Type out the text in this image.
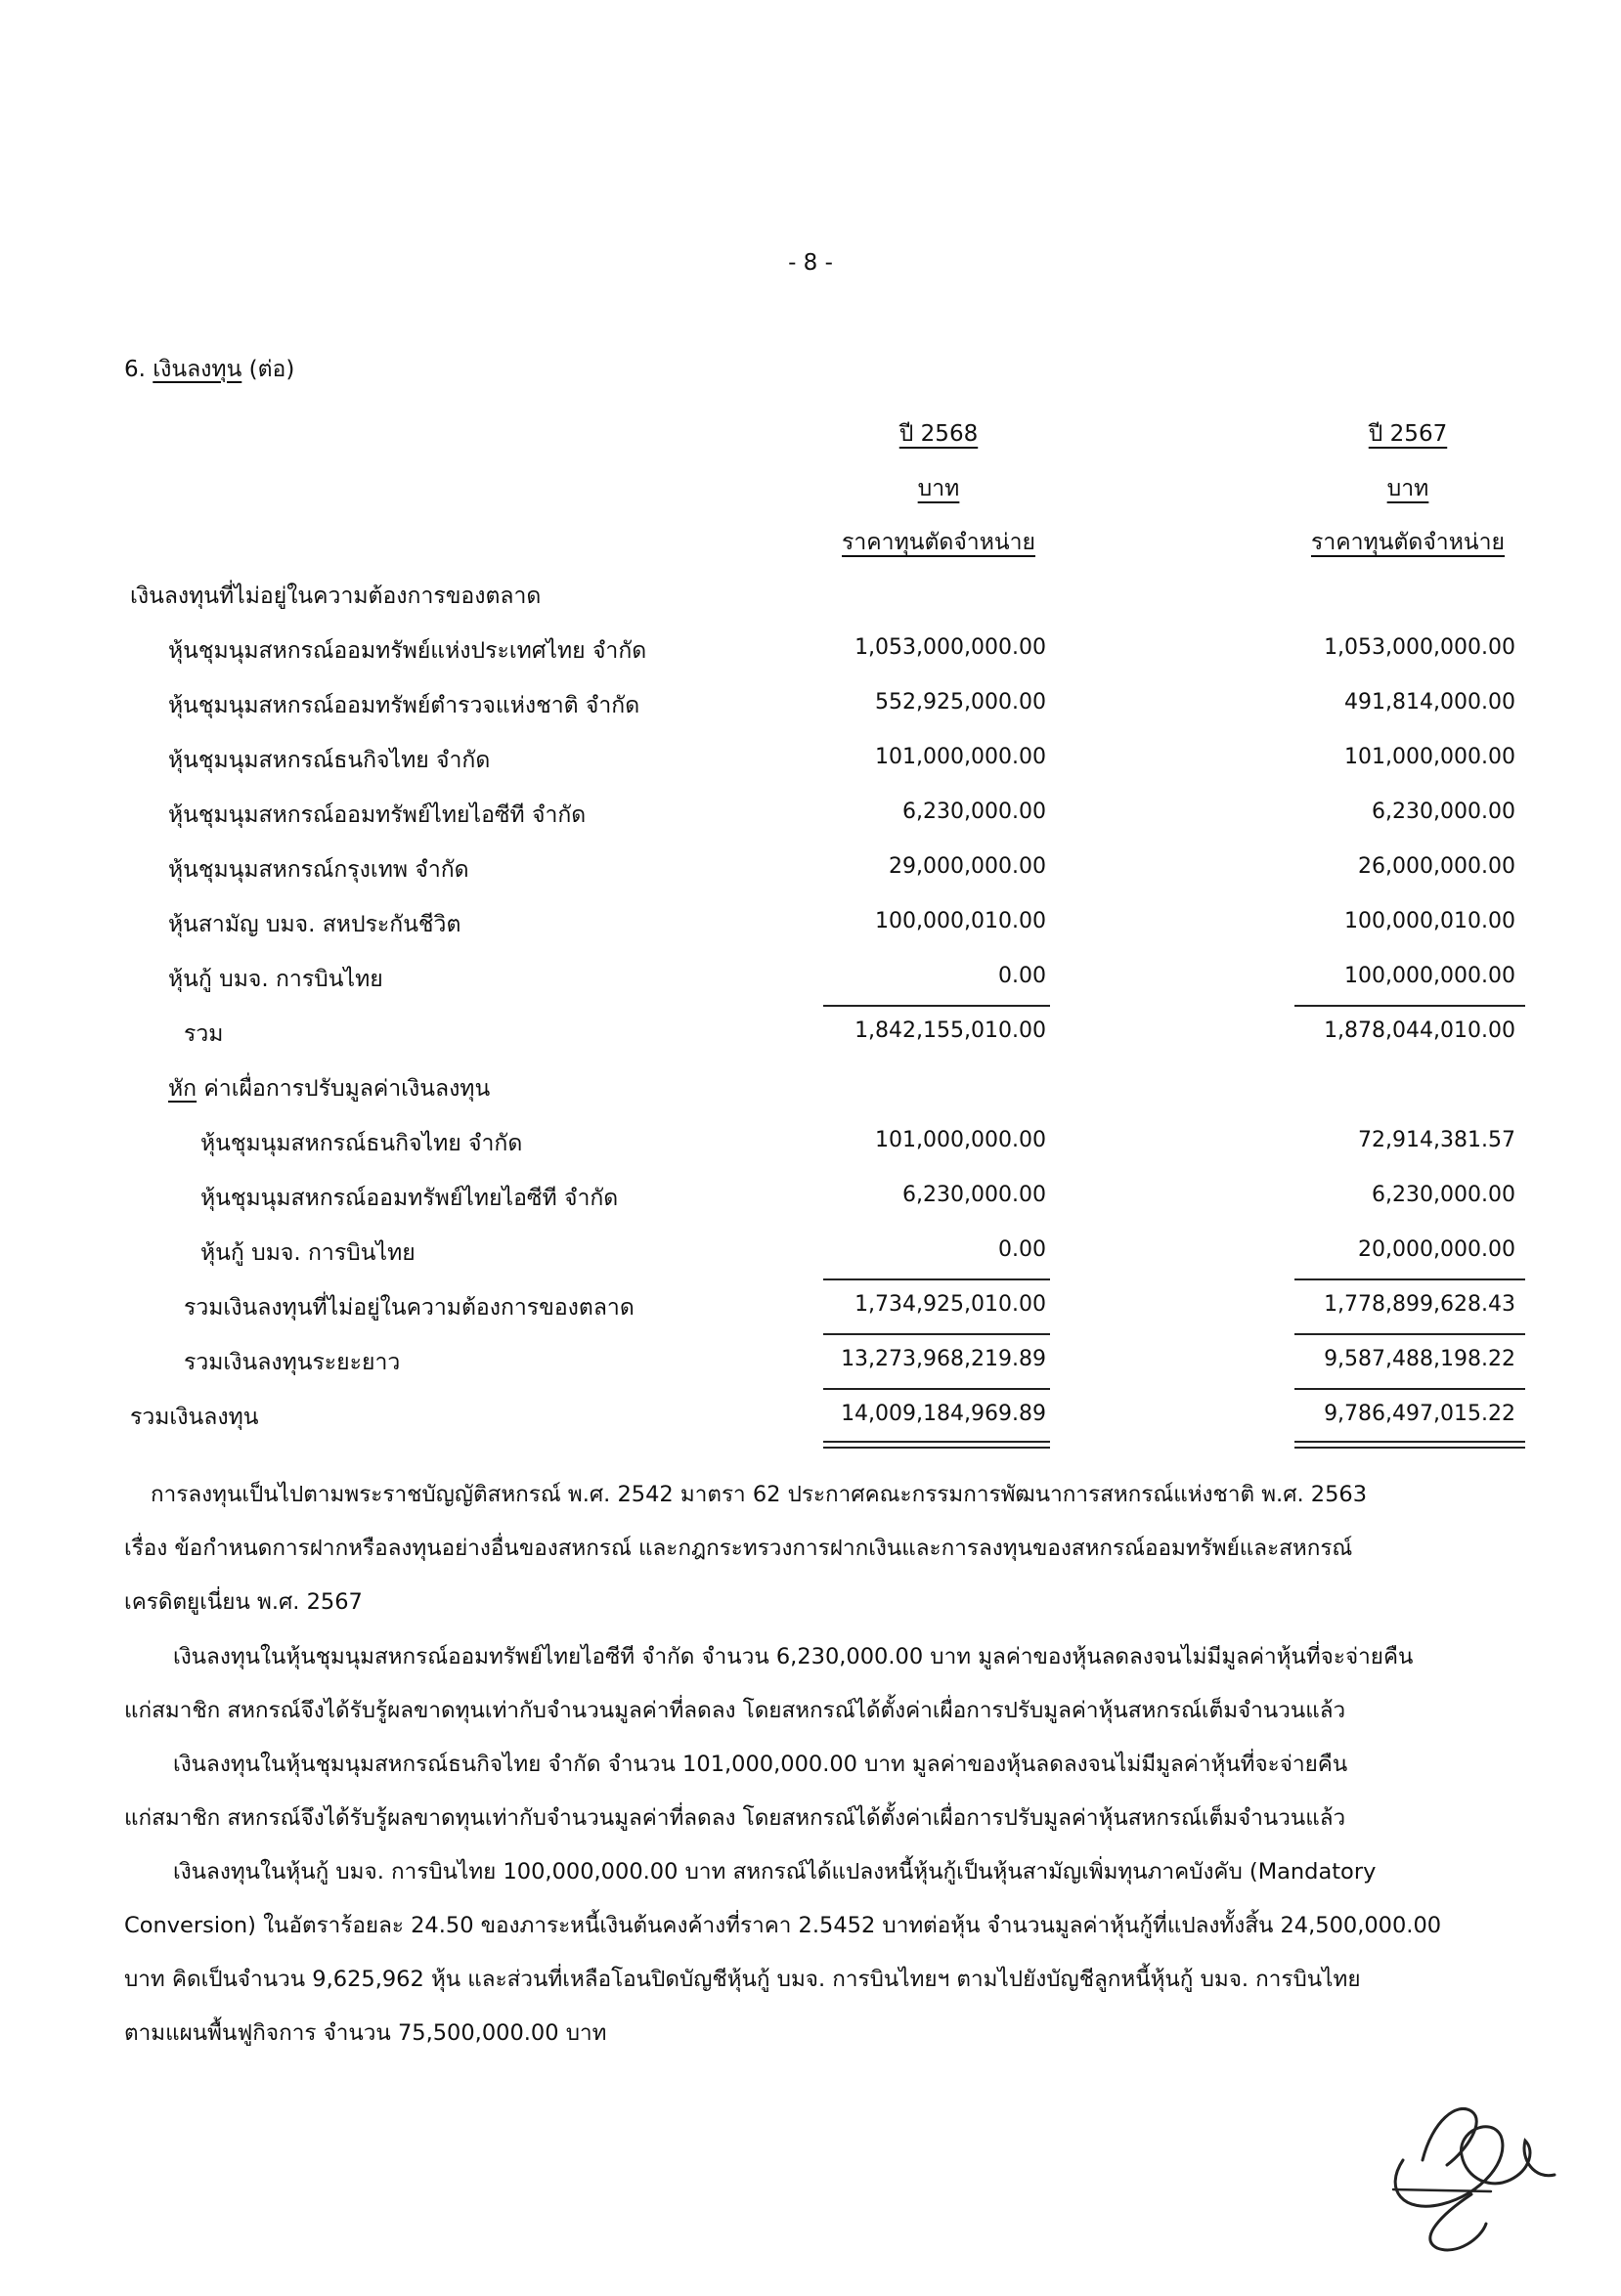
- 8 -
6. เงินลงทุน (ต่อ)
ปี 2568
บาท
ราคาทุนตัดจำหน่าย
ปี 2567
บาท
ราคาทุนตัดจำหน่าย
เงินลงทุนที่ไม่อยู่ในความต้องการของตลาด
หุ้นชุมนุมสหกรณ์ออมทรัพย์แห่งประเทศไทย จำกัด	1,053,000,000.00	1,053,000,000.00
หุ้นชุมนุมสหกรณ์ออมทรัพย์ตำรวจแห่งชาติ จำกัด	552,925,000.00	491,814,000.00
หุ้นชุมนุมสหกรณ์ธนกิจไทย จำกัด	101,000,000.00	101,000,000.00
หุ้นชุมนุมสหกรณ์ออมทรัพย์ไทยไอซีที จำกัด	6,230,000.00	6,230,000.00
หุ้นชุมนุมสหกรณ์กรุงเทพ จำกัด	29,000,000.00	26,000,000.00
หุ้นสามัญ บมจ. สหประกันชีวิต	100,000,010.00	100,000,010.00
หุ้นกู้ บมจ. การบินไทย	0.00	100,000,000.00
รวม	1,842,155,010.00	1,878,044,010.00
หัก ค่าเผื่อการปรับมูลค่าเงินลงทุน
หุ้นชุมนุมสหกรณ์ธนกิจไทย จำกัด	101,000,000.00	72,914,381.57
หุ้นชุมนุมสหกรณ์ออมทรัพย์ไทยไอซีที จำกัด	6,230,000.00	6,230,000.00
หุ้นกู้ บมจ. การบินไทย	0.00	20,000,000.00
รวมเงินลงทุนที่ไม่อยู่ในความต้องการของตลาด	1,734,925,010.00	1,778,899,628.43
รวมเงินลงทุนระยะยาว	13,273,968,219.89	9,587,488,198.22
รวมเงินลงทุน	14,009,184,969.89	9,786,497,015.22

การลงทุนเป็นไปตามพระราชบัญญัติสหกรณ์ พ.ศ. 2542 มาตรา 62 ประกาศคณะกรรมการพัฒนาการสหกรณ์แห่งชาติ พ.ศ. 2563

เรื่อง ข้อกำหนดการฝากหรือลงทุนอย่างอื่นของสหกรณ์ และกฎกระทรวงการฝากเงินและการลงทุนของสหกรณ์ออมทรัพย์และสหกรณ์

เครดิตยูเนี่ยน พ.ศ. 2567

เงินลงทุนในหุ้นชุมนุมสหกรณ์ออมทรัพย์ไทยไอซีที จำกัด จำนวน 6,230,000.00 บาท มูลค่าของหุ้นลดลงจนไม่มีมูลค่าหุ้นที่จะจ่ายคืน

แก่สมาชิก สหกรณ์จึงได้รับรู้ผลขาดทุนเท่ากับจำนวนมูลค่าที่ลดลง โดยสหกรณ์ได้ตั้งค่าเผื่อการปรับมูลค่าหุ้นสหกรณ์เต็มจำนวนแล้ว

เงินลงทุนในหุ้นชุมนุมสหกรณ์ธนกิจไทย จำกัด จำนวน 101,000,000.00 บาท มูลค่าของหุ้นลดลงจนไม่มีมูลค่าหุ้นที่จะจ่ายคืน

แก่สมาชิก สหกรณ์จึงได้รับรู้ผลขาดทุนเท่ากับจำนวนมูลค่าที่ลดลง โดยสหกรณ์ได้ตั้งค่าเผื่อการปรับมูลค่าหุ้นสหกรณ์เต็มจำนวนแล้ว

เงินลงทุนในหุ้นกู้ บมจ. การบินไทย 100,000,000.00 บาท สหกรณ์ได้แปลงหนี้หุ้นกู้เป็นหุ้นสามัญเพิ่มทุนภาคบังคับ (Mandatory

Conversion) ในอัตราร้อยละ 24.50 ของภาระหนี้เงินต้นคงค้างที่ราคา 2.5452 บาทต่อหุ้น จำนวนมูลค่าหุ้นกู้ที่แปลงทั้งสิ้น 24,500,000.00

บาท คิดเป็นจำนวน 9,625,962 หุ้น และส่วนที่เหลือโอนปิดบัญชีหุ้นกู้ บมจ. การบินไทยฯ ตามไปยังบัญชีลูกหนี้หุ้นกู้ บมจ. การบินไทย

ตามแผนพื้นฟูกิจการ จำนวน 75,500,000.00 บาท
